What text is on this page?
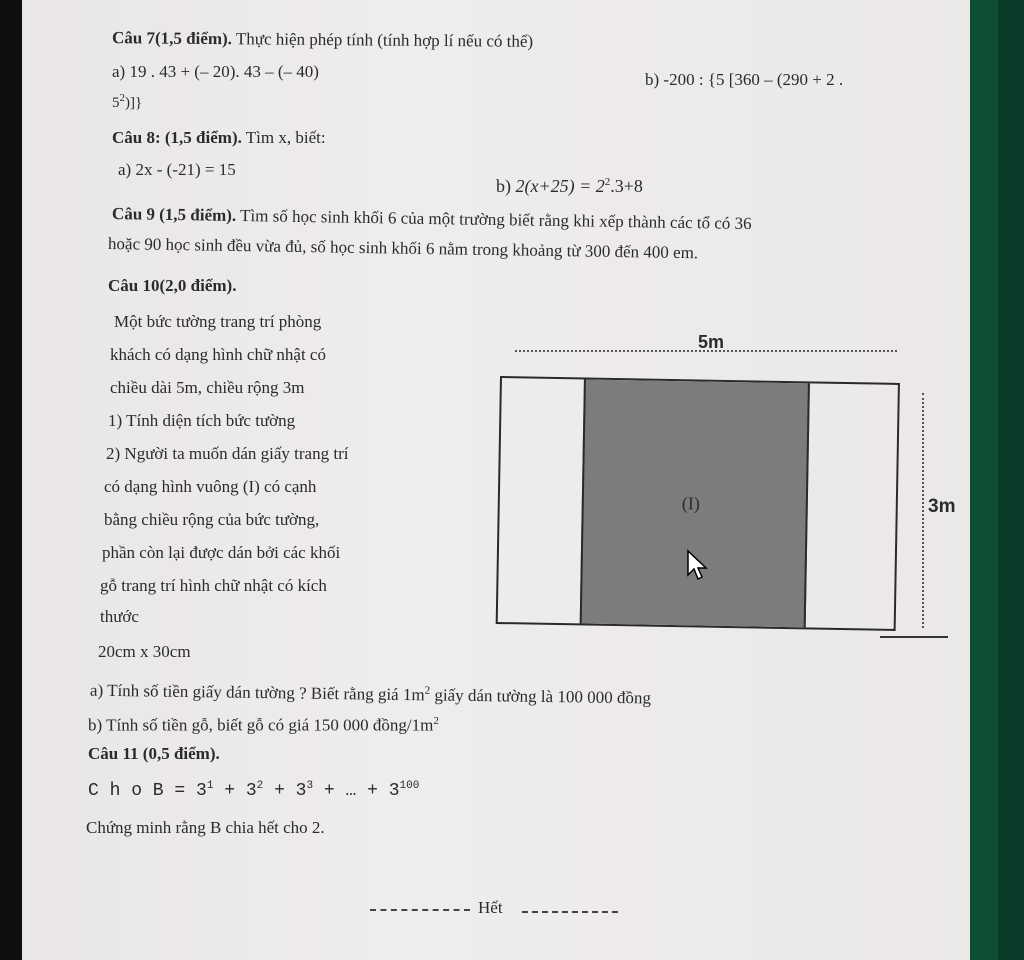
Câu 7(1,5 điểm). Thực hiện phép tính (tính hợp lí nếu có thể)
a) 19 . 43 + (– 20). 43 – (– 40)	b) -200 : {5 [360 – (290 + 2 .
$5^2$)]}
Câu 8: (1,5 điểm). Tìm x, biết:
a) 2x - (-21) = 15
b) $2(x+25) = 2^2.3+8$
Câu 9 (1,5 điểm). Tìm số học sinh khối 6 của một trường biết rằng khi xếp thành các tổ có 36
hoặc 90 học sinh đều vừa đủ, số học sinh khối 6 nằm trong khoảng từ 300 đến 400 em.
Câu 10(2,0 điểm).
Một bức tường trang trí phòng
khách có dạng hình chữ nhật có
chiều dài 5m, chiều rộng 3m
1) Tính diện tích bức tường
2) Người ta muốn dán giấy trang trí
có dạng hình vuông (I) có cạnh
bằng chiều rộng của bức tường,
phần còn lại được dán bởi các khối
gỗ trang trí hình chữ nhật có kích
thước
20cm x 30cm
5m
3m
(I)
a) Tính số tiền giấy dán tường ? Biết rằng giá $1m^2$ giấy dán tường là 100 000 đồng
b) Tính số tiền gỗ, biết gỗ có giá 150 000 đồng/$1m^2$
Câu 11 (0,5 điểm).
C h o $B = 3^1 + 3^2 + 3^3$ + … + $3^{100}$
Chứng minh rằng B chia hết cho 2.
Hết
